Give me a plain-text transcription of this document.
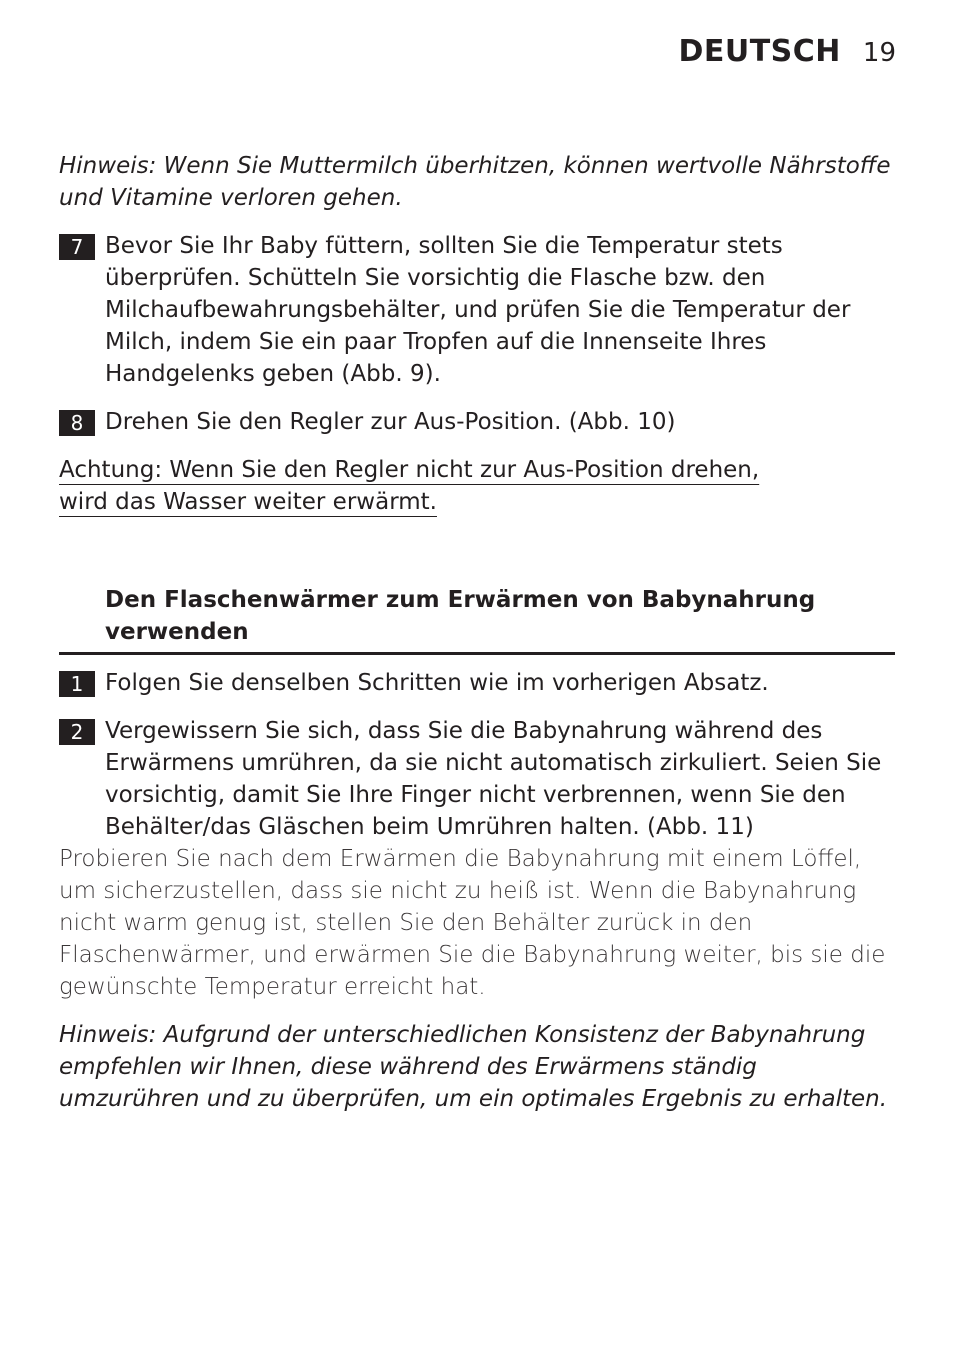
DEUTSCH 19

Hinweis: Wenn Sie Muttermilch überhitzen, können wertvolle Nährstoffe und Vitamine verloren gehen.

7 Bevor Sie Ihr Baby füttern, sollten Sie die Temperatur stets überprüfen. Schütteln Sie vorsichtig die Flasche bzw. den Milchaufbewahrungsbehälter, und prüfen Sie die Temperatur der Milch, indem Sie ein paar Tropfen auf die Innenseite Ihres Handgelenks geben (Abb. 9).
8 Drehen Sie den Regler zur Aus-Position. (Abb. 10)
Achtung: Wenn Sie den Regler nicht zur Aus-Position drehen,
wird das Wasser weiter erwärmt.
Den Flaschenwärmer zum Erwärmen von Babynahrung verwenden
1 Folgen Sie denselben Schritten wie im vorherigen Absatz.
2 Vergewissern Sie sich, dass Sie die Babynahrung während des Erwärmens umrühren, da sie nicht automatisch zirkuliert. Seien Sie vorsichtig, damit Sie Ihre Finger nicht verbrennen, wenn Sie den Behälter/das Gläschen beim Umrühren halten. (Abb. 11)

Probieren Sie nach dem Erwärmen die Babynahrung mit einem Löffel, um sicherzustellen, dass sie nicht zu heiß ist. Wenn die Babynahrung nicht warm genug ist, stellen Sie den Behälter zurück in den Flaschenwärmer, und erwärmen Sie die Babynahrung weiter, bis sie die gewünschte Temperatur erreicht hat.

Hinweis: Aufgrund der unterschiedlichen Konsistenz der Babynahrung empfehlen wir Ihnen, diese während des Erwärmens ständig umzurühren und zu überprüfen, um ein optimales Ergebnis zu erhalten.
